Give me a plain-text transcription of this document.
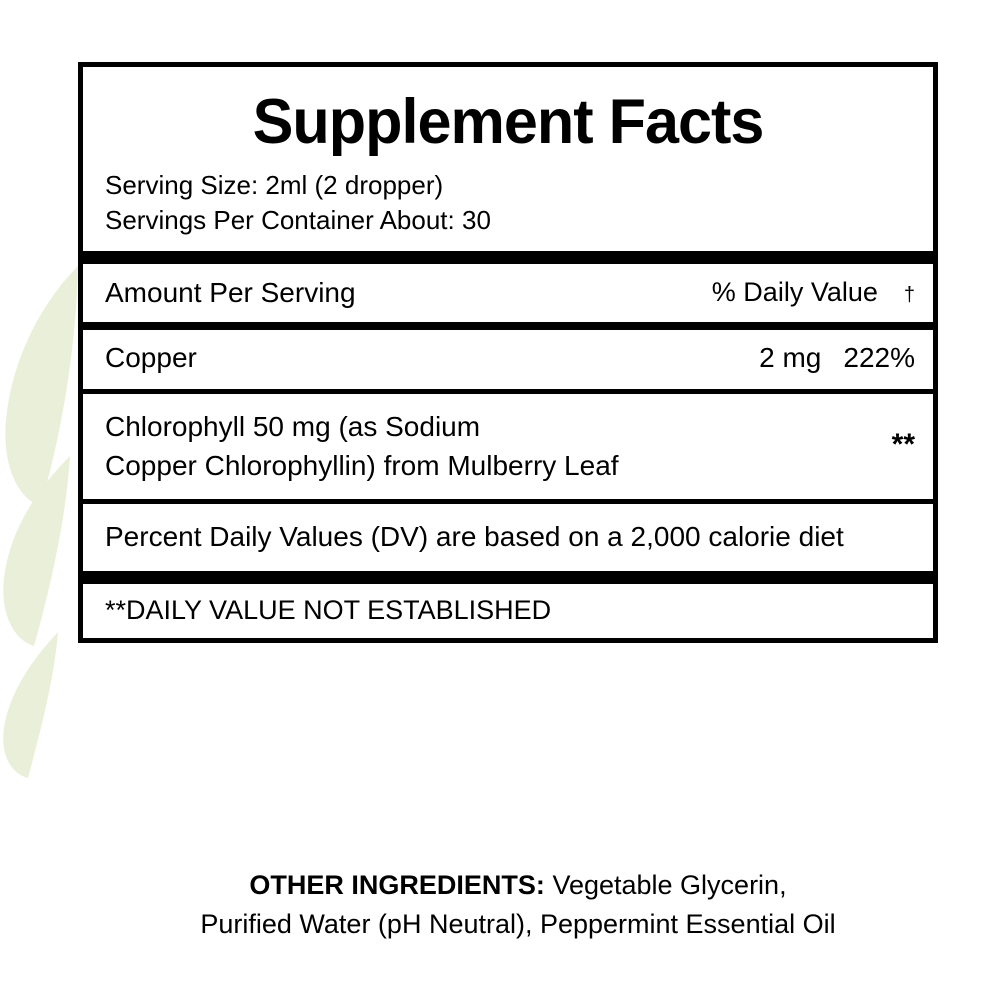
Supplement Facts
Serving Size: 2ml (2 dropper)
Servings Per Container About: 30
Amount Per Serving	% Daily Value †
Copper	2 mg 222%
Chlorophyll 50 mg (as Sodium
Copper Chlorophyllin) from Mulberry Leaf
**
Percent Daily Values (DV) are based on a 2,000 calorie diet
**DAILY VALUE NOT ESTABLISHED
OTHER INGREDIENTS: Vegetable Glycerin,
Purified Water (pH Neutral), Peppermint Essential Oil
